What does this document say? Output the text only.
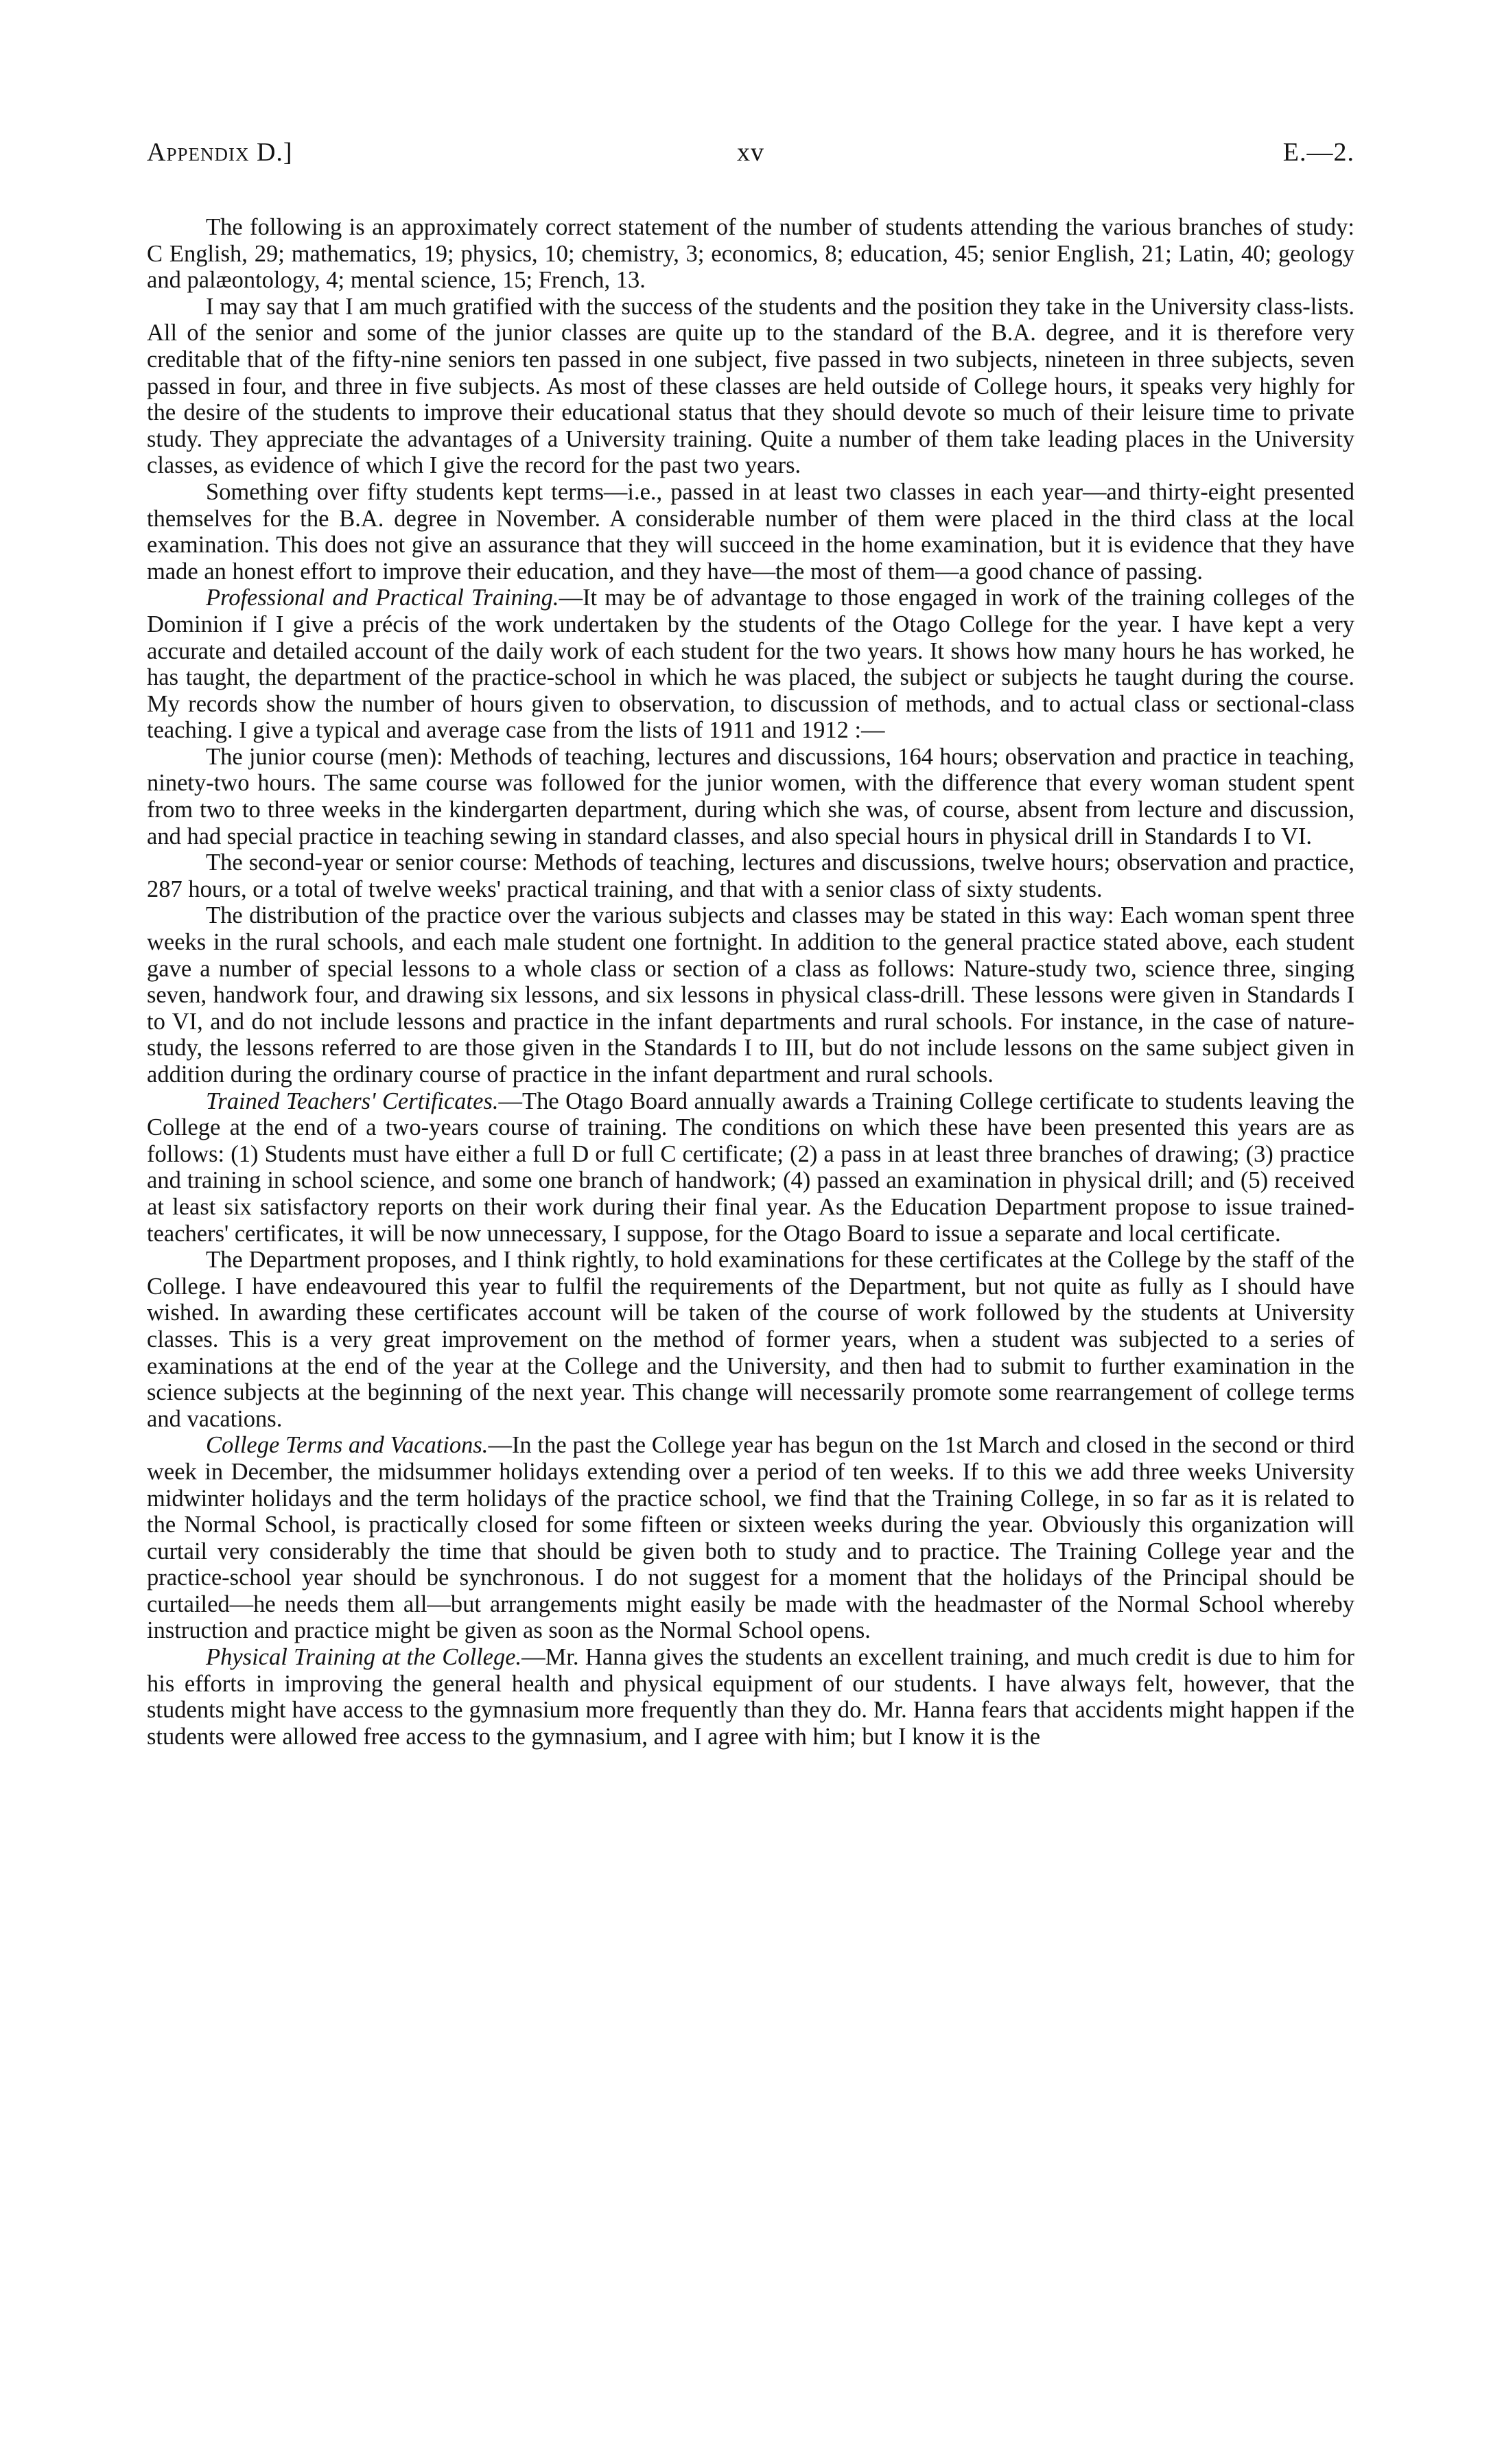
Appendix D.]	xv	E.—2.

The following is an approximately correct statement of the number of students attending the various branches of study: C English, 29; mathematics, 19; physics, 10; chemistry, 3; economics, 8; education, 45; senior English, 21; Latin, 40; geology and palæontology, 4; mental science, 15; French, 13.

I may say that I am much gratified with the success of the students and the position they take in the University class-lists. All of the senior and some of the junior classes are quite up to the standard of the B.A. degree, and it is therefore very creditable that of the fifty-nine seniors ten passed in one subject, five passed in two subjects, nineteen in three subjects, seven passed in four, and three in five subjects. As most of these classes are held outside of College hours, it speaks very highly for the desire of the students to improve their educational status that they should devote so much of their leisure time to private study. They appreciate the advantages of a University training. Quite a number of them take leading places in the University classes, as evidence of which I give the record for the past two years.

Something over fifty students kept terms—i.e., passed in at least two classes in each year—and thirty-eight presented themselves for the B.A. degree in November. A considerable number of them were placed in the third class at the local examination. This does not give an assurance that they will succeed in the home examination, but it is evidence that they have made an honest effort to improve their education, and they have—the most of them—a good chance of passing.

Professional and Practical Training.—It may be of advantage to those engaged in work of the training colleges of the Dominion if I give a précis of the work undertaken by the students of the Otago College for the year. I have kept a very accurate and detailed account of the daily work of each student for the two years. It shows how many hours he has worked, he has taught, the department of the practice-school in which he was placed, the subject or subjects he taught during the course. My records show the number of hours given to observation, to discussion of methods, and to actual class or sectional-class teaching. I give a typical and average case from the lists of 1911 and 1912 :—

The junior course (men): Methods of teaching, lectures and discussions, 164 hours; observation and practice in teaching, ninety-two hours. The same course was followed for the junior women, with the difference that every woman student spent from two to three weeks in the kindergarten department, during which she was, of course, absent from lecture and discussion, and had special practice in teaching sewing in standard classes, and also special hours in physical drill in Standards I to VI.

The second-year or senior course: Methods of teaching, lectures and discussions, twelve hours; observation and practice, 287 hours, or a total of twelve weeks' practical training, and that with a senior class of sixty students.

The distribution of the practice over the various subjects and classes may be stated in this way: Each woman spent three weeks in the rural schools, and each male student one fortnight. In addition to the general practice stated above, each student gave a number of special lessons to a whole class or section of a class as follows: Nature-study two, science three, singing seven, handwork four, and drawing six lessons, and six lessons in physical class-drill. These lessons were given in Standards I to VI, and do not include lessons and practice in the infant departments and rural schools. For instance, in the case of nature-study, the lessons referred to are those given in the Standards I to III, but do not include lessons on the same subject given in addition during the ordinary course of practice in the infant department and rural schools.

Trained Teachers' Certificates.—The Otago Board annually awards a Training College certificate to students leaving the College at the end of a two-years course of training. The conditions on which these have been presented this years are as follows: (1) Students must have either a full D or full C certificate; (2) a pass in at least three branches of drawing; (3) practice and training in school science, and some one branch of handwork; (4) passed an examination in physical drill; and (5) received at least six satisfactory reports on their work during their final year. As the Education Department propose to issue trained-teachers' certificates, it will be now unnecessary, I suppose, for the Otago Board to issue a separate and local certificate.

The Department proposes, and I think rightly, to hold examinations for these certificates at the College by the staff of the College. I have endeavoured this year to fulfil the requirements of the Department, but not quite as fully as I should have wished. In awarding these certificates account will be taken of the course of work followed by the students at University classes. This is a very great improvement on the method of former years, when a student was subjected to a series of examinations at the end of the year at the College and the University, and then had to submit to further examination in the science subjects at the beginning of the next year. This change will necessarily promote some rearrangement of college terms and vacations.

College Terms and Vacations.—In the past the College year has begun on the 1st March and closed in the second or third week in December, the midsummer holidays extending over a period of ten weeks. If to this we add three weeks University midwinter holidays and the term holidays of the practice school, we find that the Training College, in so far as it is related to the Normal School, is practically closed for some fifteen or sixteen weeks during the year. Obviously this organization will curtail very considerably the time that should be given both to study and to practice. The Training College year and the practice-school year should be synchronous. I do not suggest for a moment that the holidays of the Principal should be curtailed—he needs them all—but arrangements might easily be made with the headmaster of the Normal School whereby instruction and practice might be given as soon as the Normal School opens.

Physical Training at the College.—Mr. Hanna gives the students an excellent training, and much credit is due to him for his efforts in improving the general health and physical equipment of our students. I have always felt, however, that the students might have access to the gymnasium more frequently than they do. Mr. Hanna fears that accidents might happen if the students were allowed free access to the gymnasium, and I agree with him; but I know it is the
